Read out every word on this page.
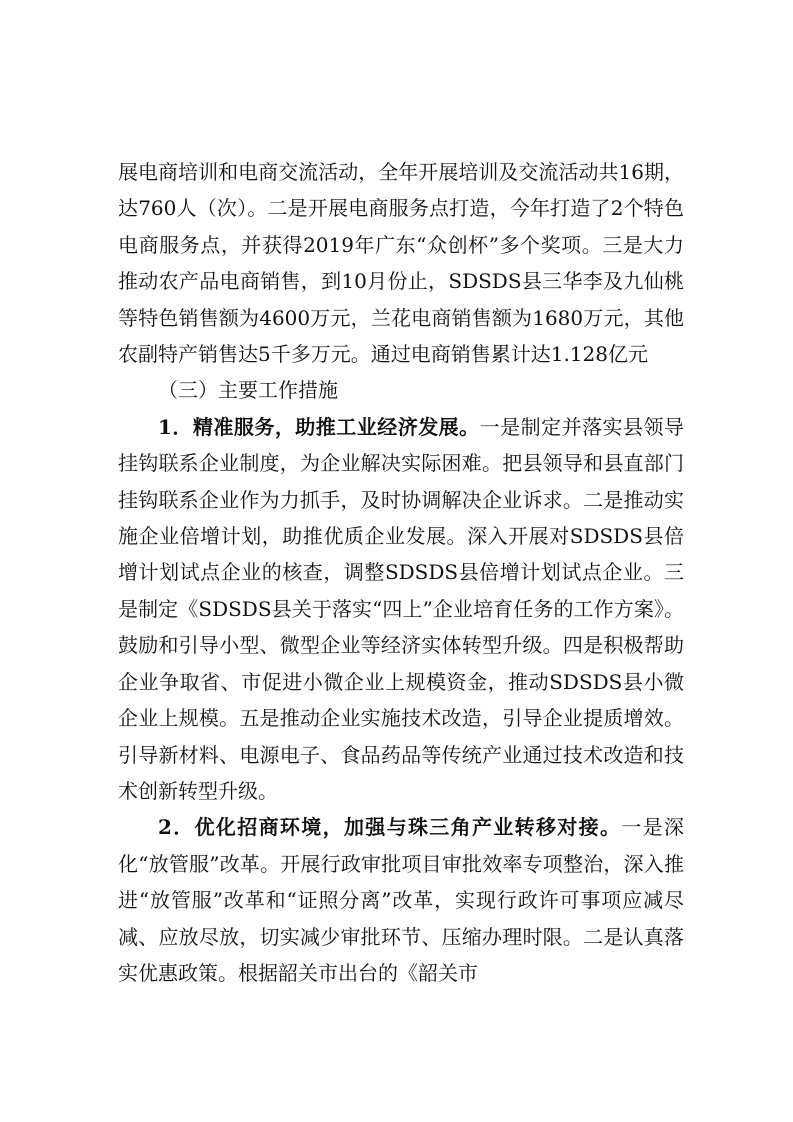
展电商培训和电商交流活动，全年开展培训及交流活动共16期，达760人（次）。二是开展电商服务点打造，今年打造了2个特色电商服务点，并获得2019年广东“众创杯”多个奖项。三是大力推动农产品电商销售，到10月份止，SDSDS县三华李及九仙桃等特色销售额为4600万元，兰花电商销售额为1680万元，其他农副特产销售达5千多万元。通过电商销售累计达1.128亿元

（三）主要工作措施

1．精准服务，助推工业经济发展。一是制定并落实县领导挂钩联系企业制度，为企业解决实际困难。把县领导和县直部门挂钩联系企业作为力抓手，及时协调解决企业诉求。二是推动实施企业倍增计划，助推优质企业发展。深入开展对SDSDS县倍增计划试点企业的核查，调整SDSDS县倍增计划试点企业。三是制定《SDSDS县关于落实“四上”企业培育任务的工作方案》。鼓励和引导小型、微型企业等经济实体转型升级。四是积极帮助企业争取省、市促进小微企业上规模资金，推动SDSDS县小微企业上规模。五是推动企业实施技术改造，引导企业提质增效。引导新材料、电源电子、食品药品等传统产业通过技术改造和技术创新转型升级。

2．优化招商环境，加强与珠三角产业转移对接。一是深化“放管服”改革。开展行政审批项目审批效率专项整治，深入推进“放管服”改革和“证照分离”改革，实现行政许可事项应减尽减、应放尽放，切实减少审批环节、压缩办理时限。二是认真落实优惠政策。根据韶关市出台的《韶关市
